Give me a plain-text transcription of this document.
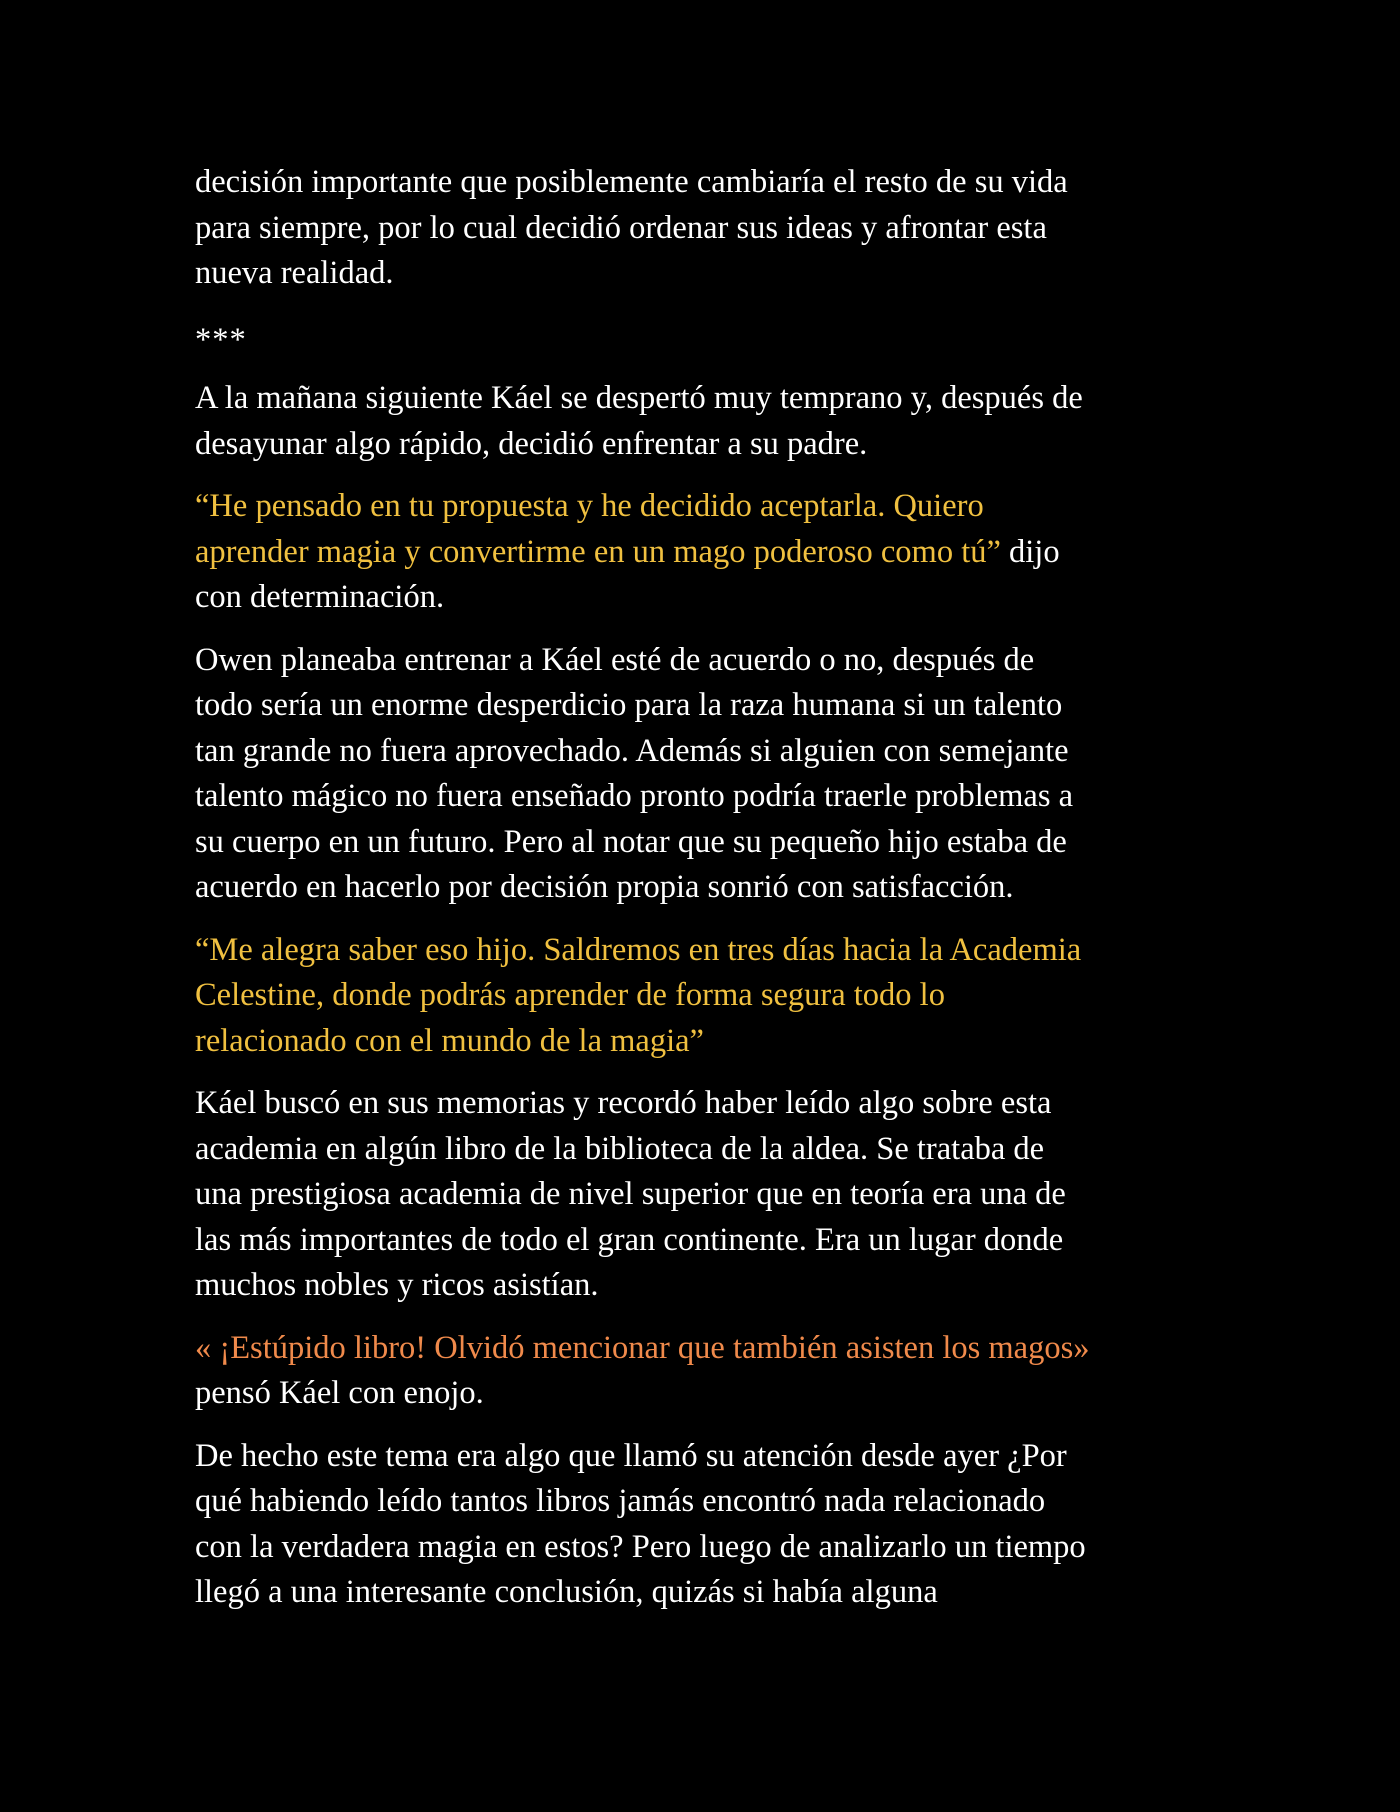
decisión importante que posiblemente cambiaría el resto de su vida
para siempre, por lo cual decidió ordenar sus ideas y afrontar esta
nueva realidad.

***

A la mañana siguiente Káel se despertó muy temprano y, después de
desayunar algo rápido, decidió enfrentar a su padre.

“He pensado en tu propuesta y he decidido aceptarla. Quiero
aprender magia y convertirme en un mago poderoso como tú” dijo
con determinación.

Owen planeaba entrenar a Káel esté de acuerdo o no, después de
todo sería un enorme desperdicio para la raza humana si un talento
tan grande no fuera aprovechado. Además si alguien con semejante
talento mágico no fuera enseñado pronto podría traerle problemas a
su cuerpo en un futuro. Pero al notar que su pequeño hijo estaba de
acuerdo en hacerlo por decisión propia sonrió con satisfacción.

“Me alegra saber eso hijo. Saldremos en tres días hacia la Academia
Celestine, donde podrás aprender de forma segura todo lo
relacionado con el mundo de la magia”

Káel buscó en sus memorias y recordó haber leído algo sobre esta
academia en algún libro de la biblioteca de la aldea. Se trataba de
una prestigiosa academia de nivel superior que en teoría era una de
las más importantes de todo el gran continente. Era un lugar donde
muchos nobles y ricos asistían.

« ¡Estúpido libro! Olvidó mencionar que también asisten los magos»
pensó Káel con enojo.

De hecho este tema era algo que llamó su atención desde ayer ¿Por
qué habiendo leído tantos libros jamás encontró nada relacionado
con la verdadera magia en estos? Pero luego de analizarlo un tiempo
llegó a una interesante conclusión, quizás si había alguna
